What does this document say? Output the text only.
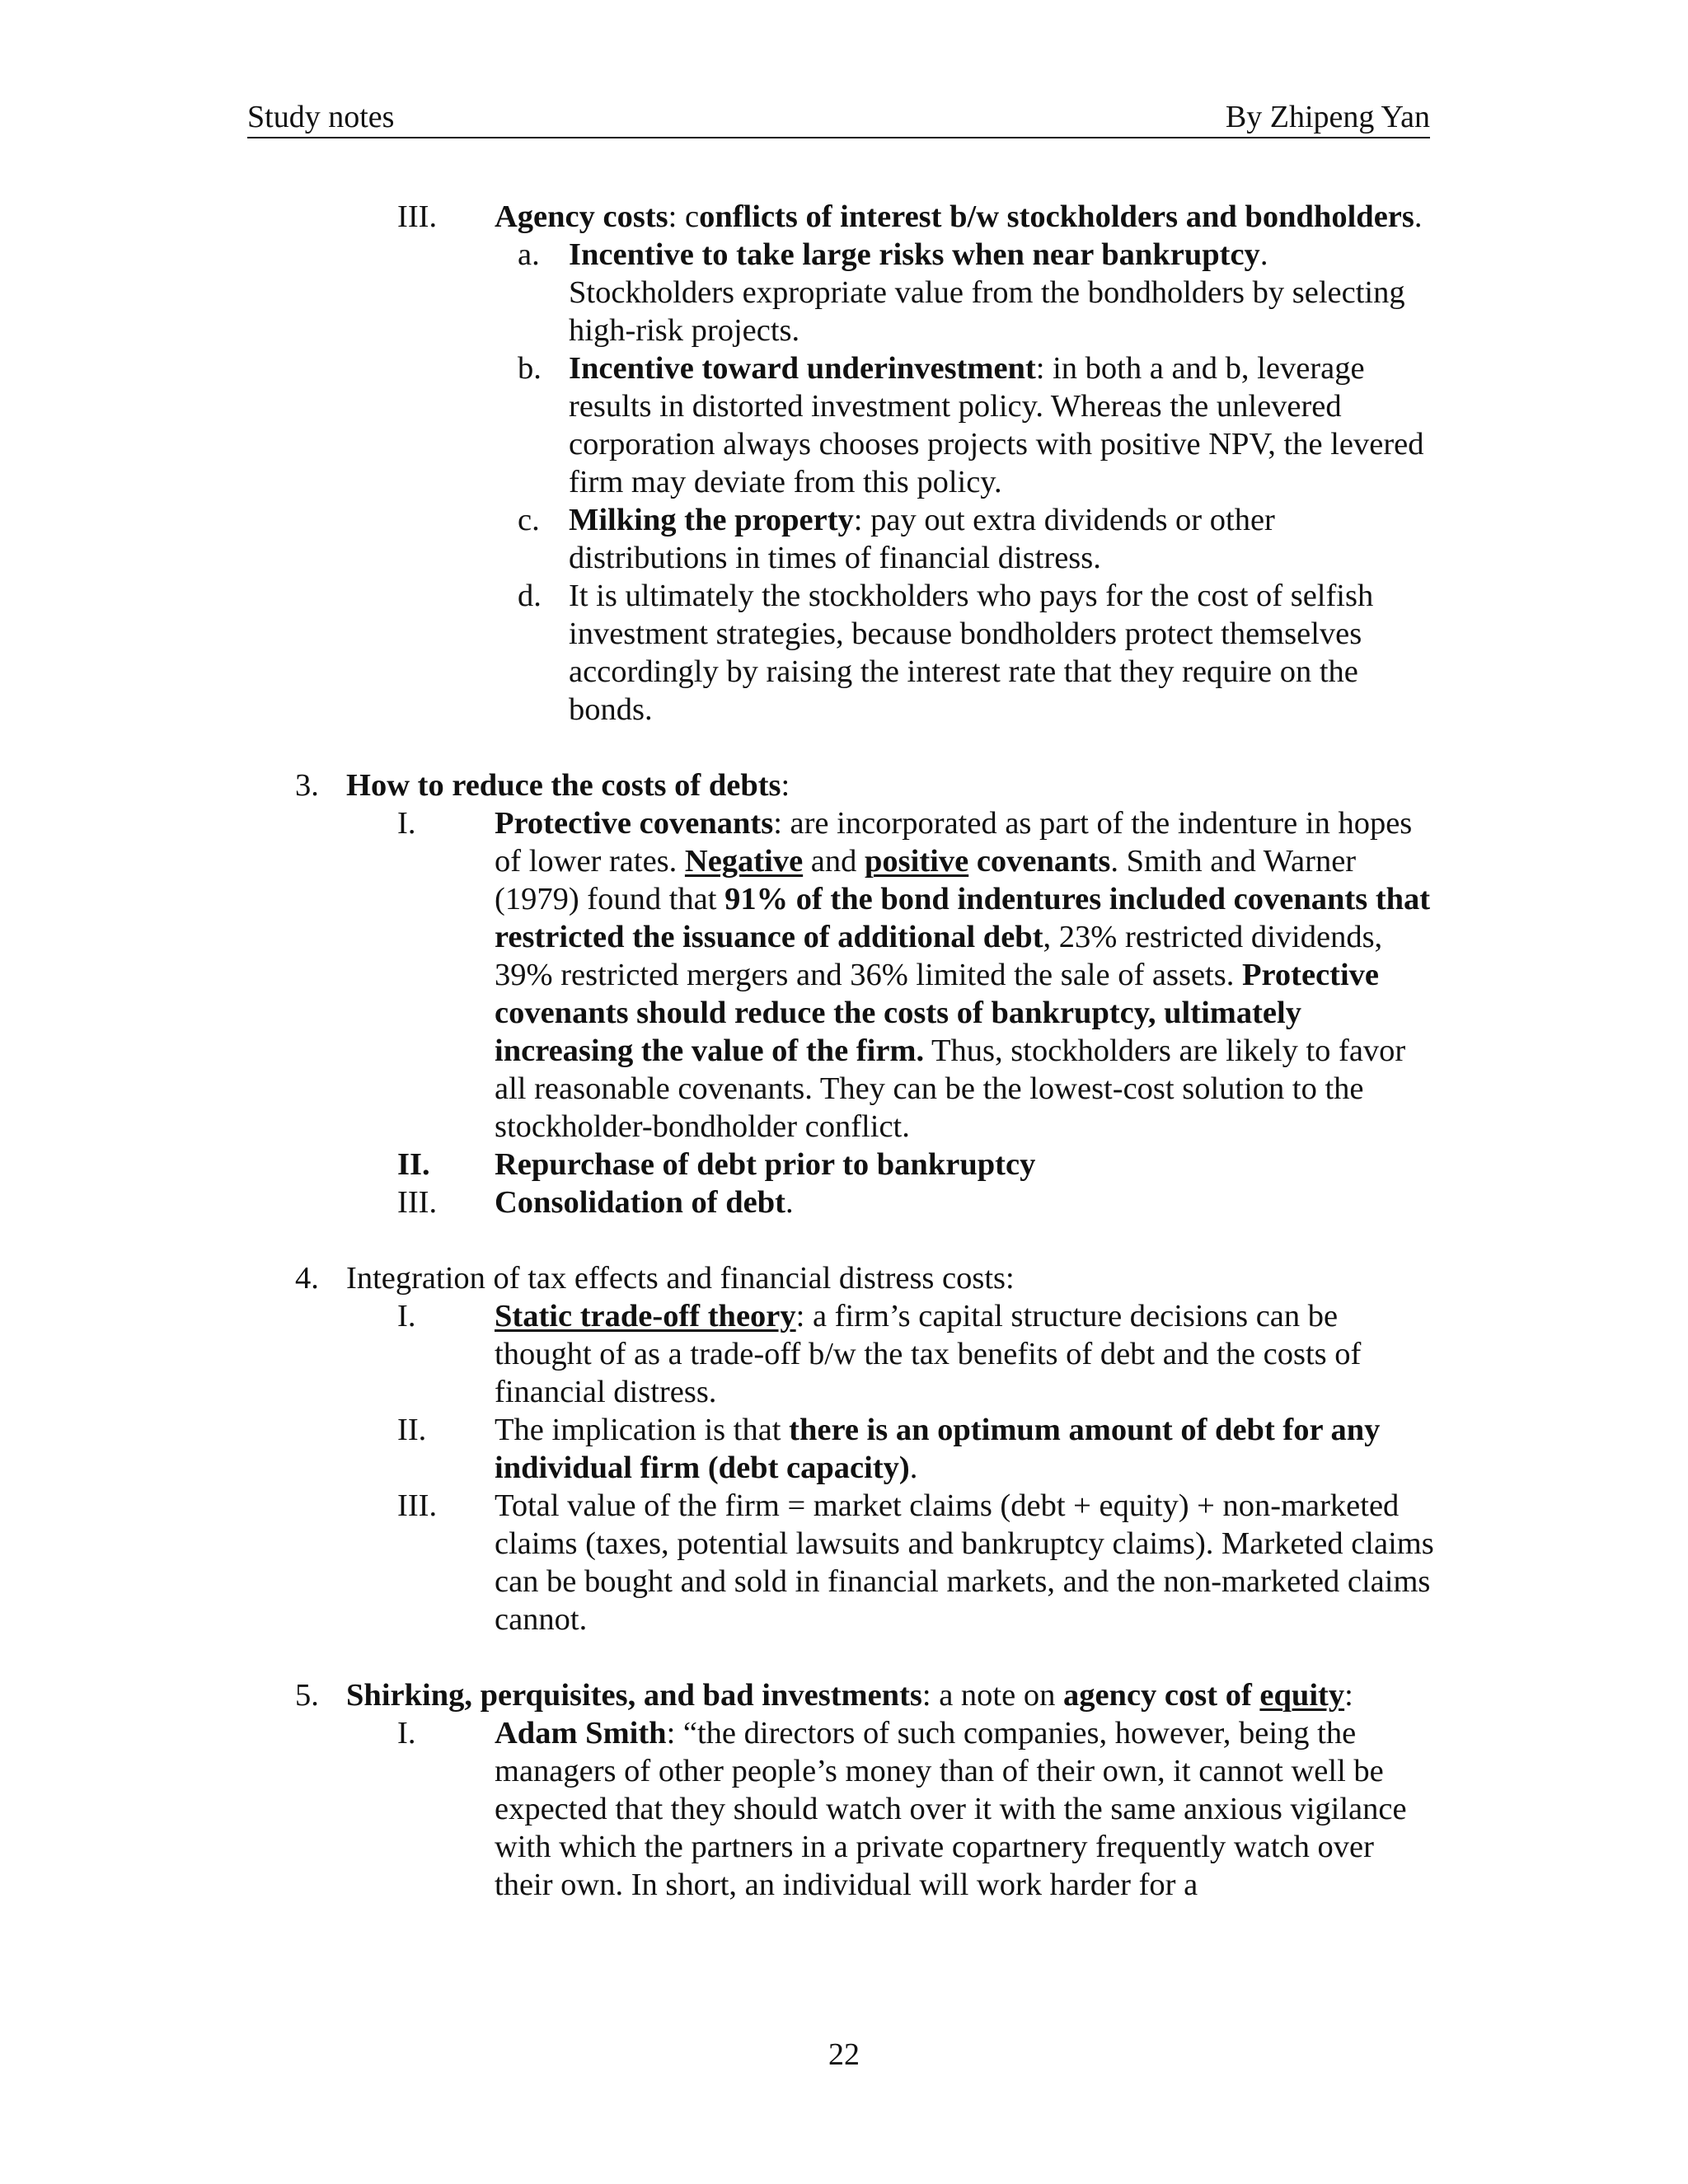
Study notes	By Zhipeng Yan
III. Agency costs: conflicts of interest b/w stockholders and bondholders.
a. Incentive to take large risks when near bankruptcy. Stockholders expropriate value from the bondholders by selecting high-risk projects.
b. Incentive toward underinvestment: in both a and b, leverage results in distorted investment policy. Whereas the unlevered corporation always chooses projects with positive NPV, the levered firm may deviate from this policy.
c. Milking the property: pay out extra dividends or other distributions in times of financial distress.
d. It is ultimately the stockholders who pays for the cost of selfish investment strategies, because bondholders protect themselves accordingly by raising the interest rate that they require on the bonds.
3. How to reduce the costs of debts:
I. Protective covenants: are incorporated as part of the indenture in hopes of lower rates. Negative and positive covenants. Smith and Warner (1979) found that 91% of the bond indentures included covenants that restricted the issuance of additional debt, 23% restricted dividends, 39% restricted mergers and 36% limited the sale of assets. Protective covenants should reduce the costs of bankruptcy, ultimately increasing the value of the firm. Thus, stockholders are likely to favor all reasonable covenants. They can be the lowest-cost solution to the stockholder-bondholder conflict.
II. Repurchase of debt prior to bankruptcy
III. Consolidation of debt.
4. Integration of tax effects and financial distress costs:
I. Static trade-off theory: a firm’s capital structure decisions can be thought of as a trade-off b/w the tax benefits of debt and the costs of financial distress.
II. The implication is that there is an optimum amount of debt for any individual firm (debt capacity).
III. Total value of the firm = market claims (debt + equity) + non-marketed claims (taxes, potential lawsuits and bankruptcy claims). Marketed claims can be bought and sold in financial markets, and the non-marketed claims cannot.
5. Shirking, perquisites, and bad investments: a note on agency cost of equity:
I. Adam Smith: “the directors of such companies, however, being the managers of other people’s money than of their own, it cannot well be expected that they should watch over it with the same anxious vigilance with which the partners in a private copartnery frequently watch over their own. In short, an individual will work harder for a
22
